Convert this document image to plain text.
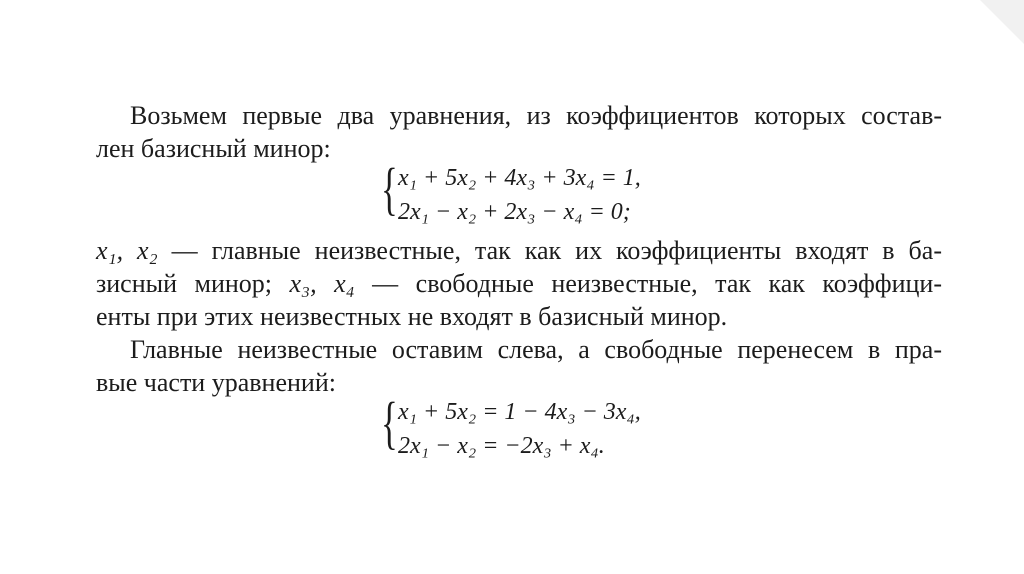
Возьмем первые два уравнения, из коэффициентов которых состав-
лен базисный минор:
{ x₁ + 5x₂ + 4x₃ + 3x₄ = 1,
2x₁ − x₂ + 2x₃ − x₄ = 0;
x₁, x₂ — главные неизвестные, так как их коэффициенты входят в ба-
зисный минор; x₃, x₄ — свободные неизвестные, так как коэффици-
енты при этих неизвестных не входят в базисный минор.
Главные неизвестные оставим слева, а свободные перенесем в пра-
вые части уравнений:
{ x₁ + 5x₂ = 1 − 4x₃ − 3x₄,
2x₁ − x₂ = −2x₃ + x₄.
